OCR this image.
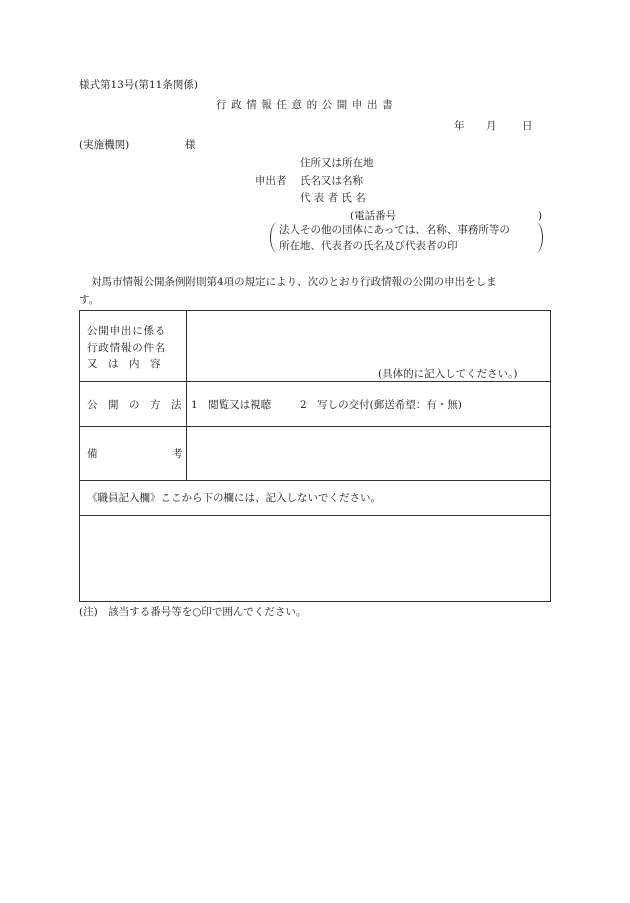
様式第13号(第11条関係)
行政情報任意的公開申出書
年 月 日
(実施機関)	様
住所又は所在地
申出者 氏名又は名称
代表者氏名
(電話番号	)
法人その他の団体にあっては、名称、事務所等の
所在地、代表者の氏名及び代表者の印
対馬市情報公開条例附則第4項の規定により、次のとおり行政情報の公開の申出をしま
す。
公開申出に係る
行政情報の件名
又　は　内　容
(具体的に記入してください。)
公　開　の　方　法 1　閲覧又は視聴	2　写しの交付(郵送希望：有・無)
備	考
《職員記入欄》ここから下の欄には、記入しないでください。
(注)　該当する番号等を○印で囲んでください。
